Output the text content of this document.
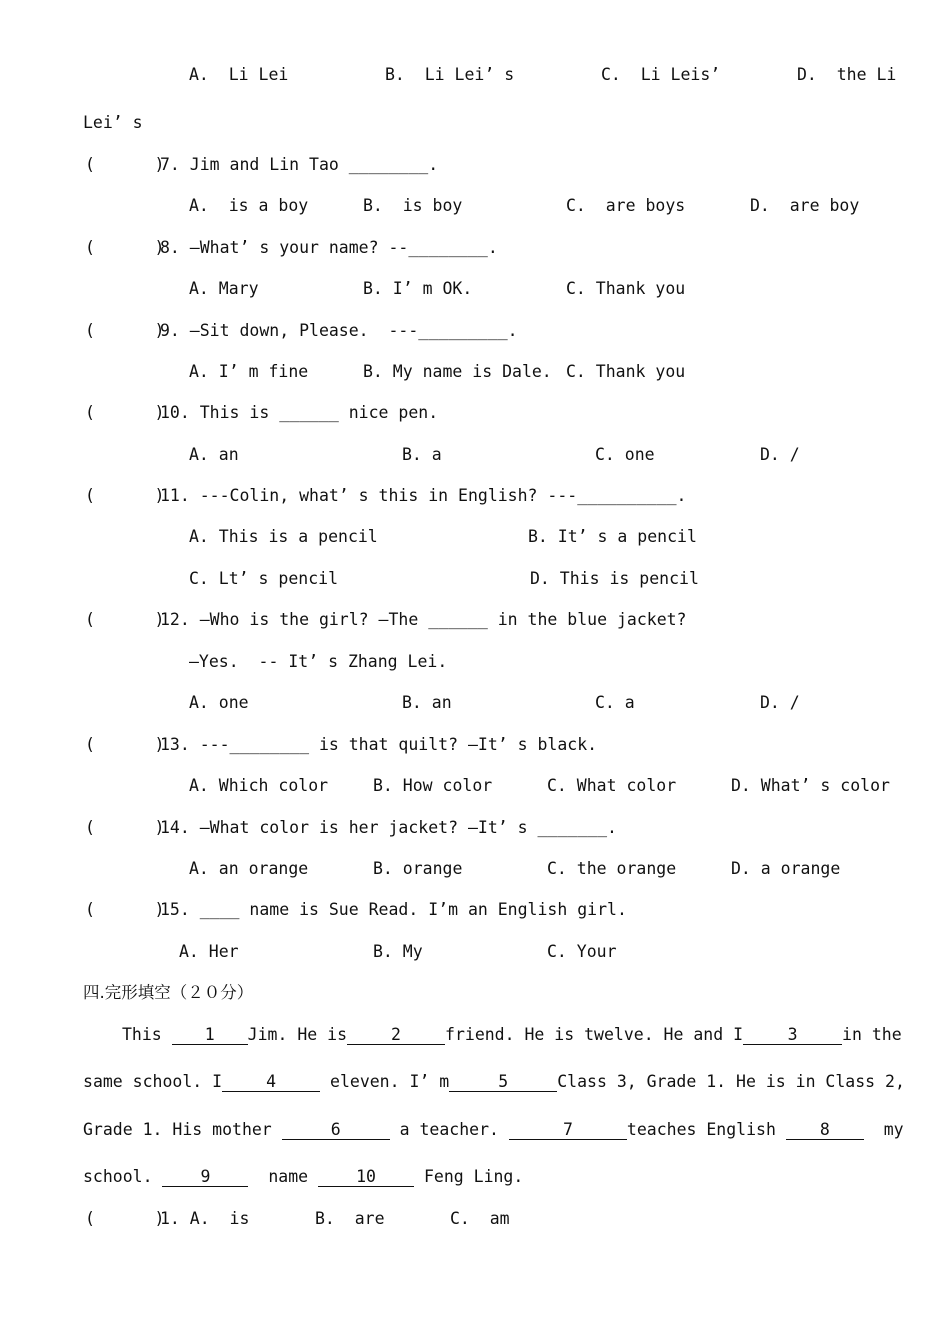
A.  Li Lei	B.  Li Lei’ s	C.  Li Leis’	D.  the Li
Lei’ s
(      )
7. Jim and Lin Tao ________.
A.  is a boy	B.  is boy	C.  are boys	D.  are boy
(      )
8. —What’ s your name? --________.
A. Mary	B. I’ m OK.	C. Thank you
(      )
9. —Sit down, Please.  ---_________.
A. I’ m fine	B. My name is Dale. C. Thank you
(      )
10. This is ______ nice pen.
A. an	B. a	C. one	D. /
(      )
11. ---Colin, what’ s this in English? ---__________.
A. This is a pencil	B. It’ s a pencil
C. Lt’ s pencil	D. This is pencil
(      )
12. —Who is the girl? —The ______ in the blue jacket?
—Yes.  -- It’ s Zhang Lei.
A. one	B. an	C. a	D. /
(      )
13. ---________ is that quilt? —It’ s black.
A. Which color	B. How color	C. What color	D. What’ s color
(      )
14. —What color is her jacket? —It’ s _______.
A. an orange	B. orange	C. the orange	D. a orange
(      )
15. ____ name is Sue Read. I’m an English girl.
A. Her	B. My	C. Your
四.完形填空（２０分）
This 1 Jim. He is	2	friend. He is twelve. He and I	3	in the
same school. I	4	eleven. I’ m	5	Class 3, Grade 1. He is in Class 2,
Grade 1. His mother	6	a teacher.	7	teaches English 8  my
school. 9  name 10 Feng Ling.
(      )
1. A.  is	B.  are	C.  am
